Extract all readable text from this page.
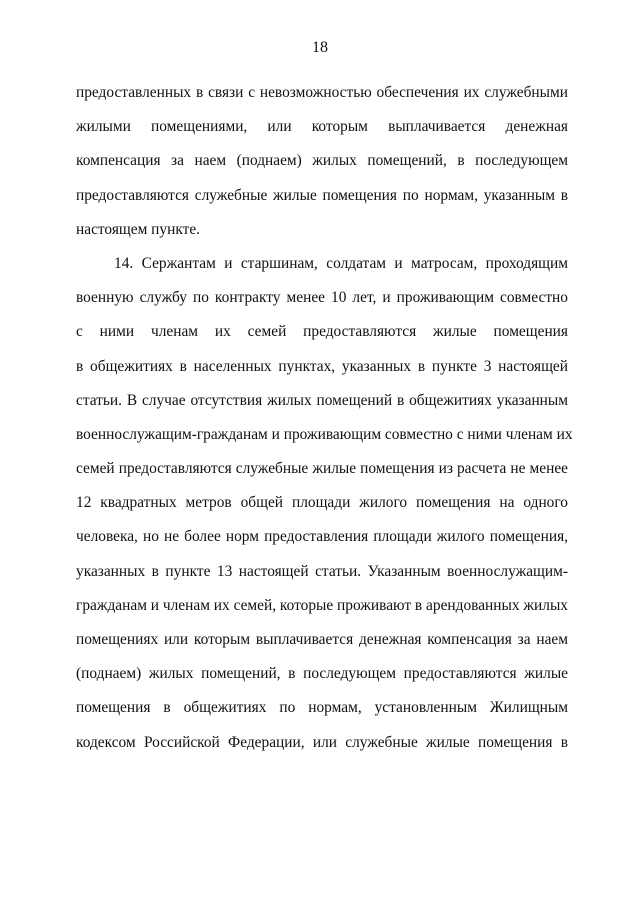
18
предоставленных в связи с невозможностью обеспечения их служебными
жилыми помещениями, или которым выплачивается денежная
компенсация за наем (поднаем) жилых помещений, в последующем
предоставляются служебные жилые помещения по нормам, указанным в
настоящем пункте.
14. Сержантам и старшинам, солдатам и матросам, проходящим
военную службу по контракту менее 10 лет, и проживающим совместно
с ними членам их семей предоставляются жилые помещения
в общежитиях в населенных пунктах, указанных в пункте 3 настоящей
статьи. В случае отсутствия жилых помещений в общежитиях указанным
военнослужащим-гражданам и проживающим совместно с ними членам их
семей предоставляются служебные жилые помещения из расчета не менее
12 квадратных метров общей площади жилого помещения на одного
человека, но не более норм предоставления площади жилого помещения,
указанных в пункте 13 настоящей статьи. Указанным военнослужащим-
гражданам и членам их семей, которые проживают в арендованных жилых
помещениях или которым выплачивается денежная компенсация за наем
(поднаем) жилых помещений, в последующем предоставляются жилые
помещения в общежитиях по нормам, установленным Жилищным
кодексом Российской Федерации, или служебные жилые помещения в
